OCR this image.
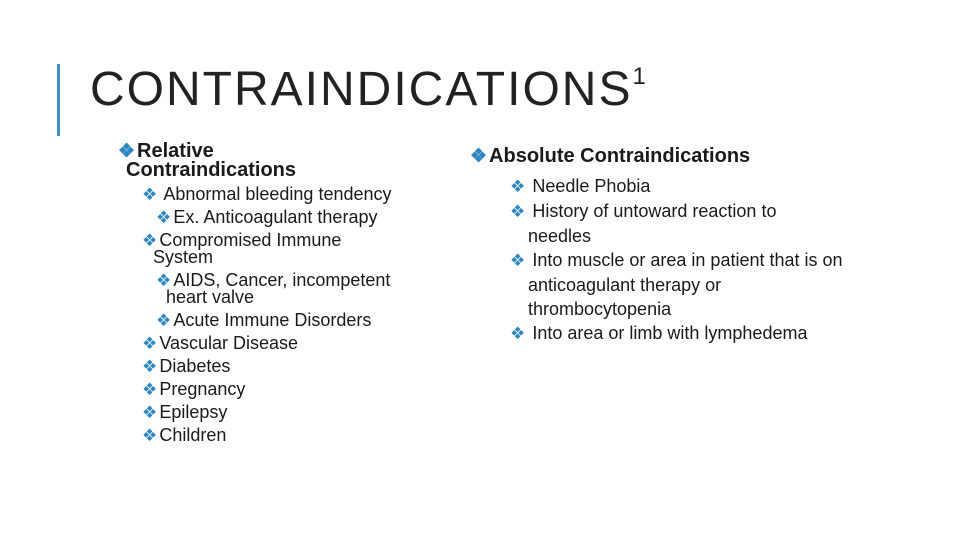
CONTRAINDICATIONS$^1$
❖ Relative
Contraindications
❖ Abnormal bleeding tendency
❖ Ex. Anticoagulant therapy
❖ Compromised Immune
System
❖ AIDS, Cancer, incompetent
heart valve
❖ Acute Immune Disorders
❖ Vascular Disease
❖ Diabetes
❖ Pregnancy
❖ Epilepsy
❖ Children
❖ Absolute Contraindications
❖ Needle Phobia
❖ History of untoward reaction to needles
❖ Into muscle or area in patient that is on anticoagulant therapy or thrombocytopenia
❖ Into area or limb with lymphedema
